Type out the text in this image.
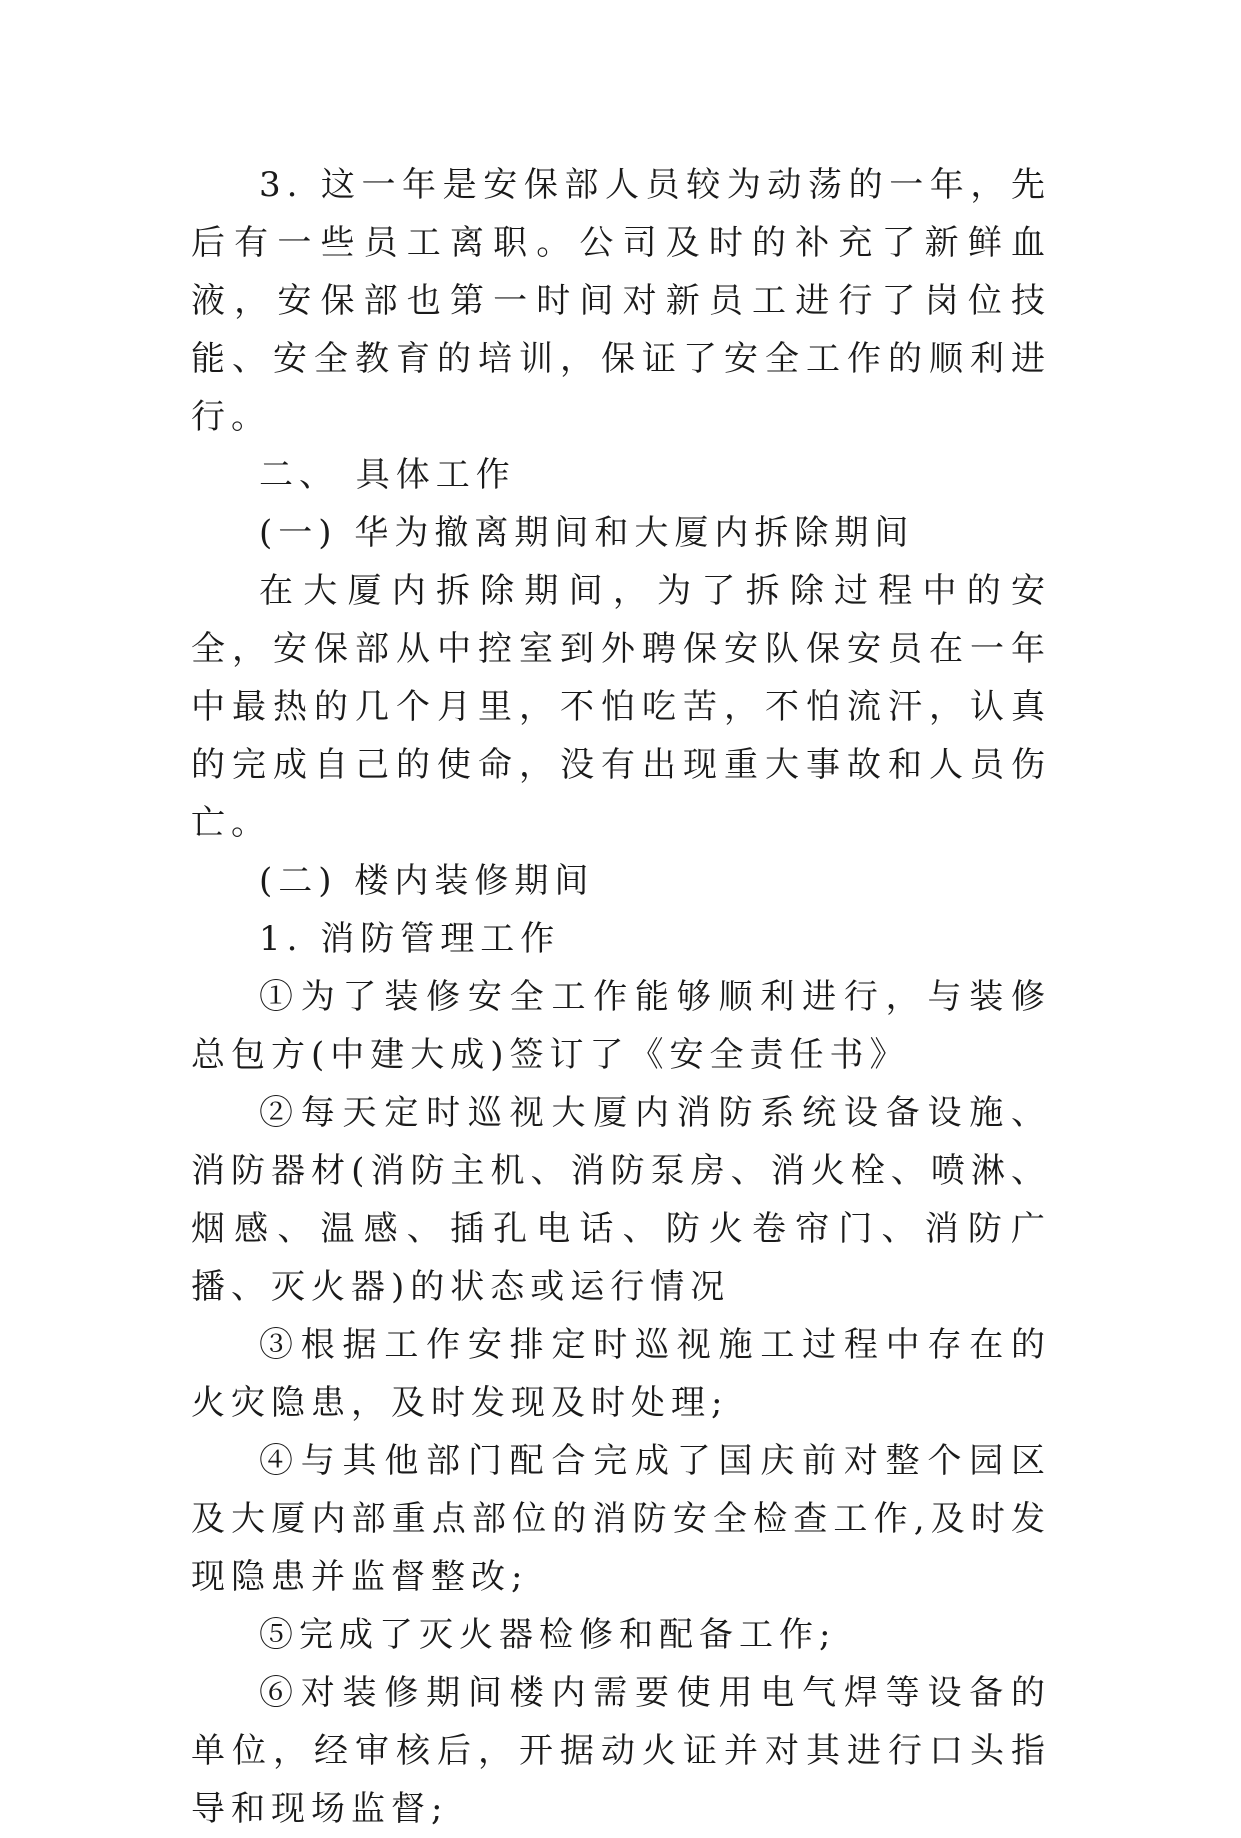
3. 这一年是安保部人员较为动荡的一年，先后有一些员工离职。公司及时的补充了新鲜血液，安保部也第一时间对新员工进行了岗位技能、安全教育的培训，保证了安全工作的顺利进行。

二、 具体工作

(一) 华为撤离期间和大厦内拆除期间

在大厦内拆除期间，为了拆除过程中的安全，安保部从中控室到外聘保安队保安员在一年中最热的几个月里，不怕吃苦，不怕流汗，认真的完成自己的使命，没有出现重大事故和人员伤亡。

(二) 楼内装修期间

1. 消防管理工作

①为了装修安全工作能够顺利进行，与装修总包方(中建大成)签订了《安全责任书》

②每天定时巡视大厦内消防系统设备设施、消防器材(消防主机、消防泵房、消火栓、喷淋、烟感、温感、插孔电话、防火卷帘门、消防广播、灭火器)的状态或运行情况

③根据工作安排定时巡视施工过程中存在的火灾隐患，及时发现及时处理;

④与其他部门配合完成了国庆前对整个园区及大厦内部重点部位的消防安全检查工作,及时发现隐患并监督整改;

⑤完成了灭火器检修和配备工作;

⑥对装修期间楼内需要使用电气焊等设备的单位，经审核后，开据动火证并对其进行口头指导和现场监督;
